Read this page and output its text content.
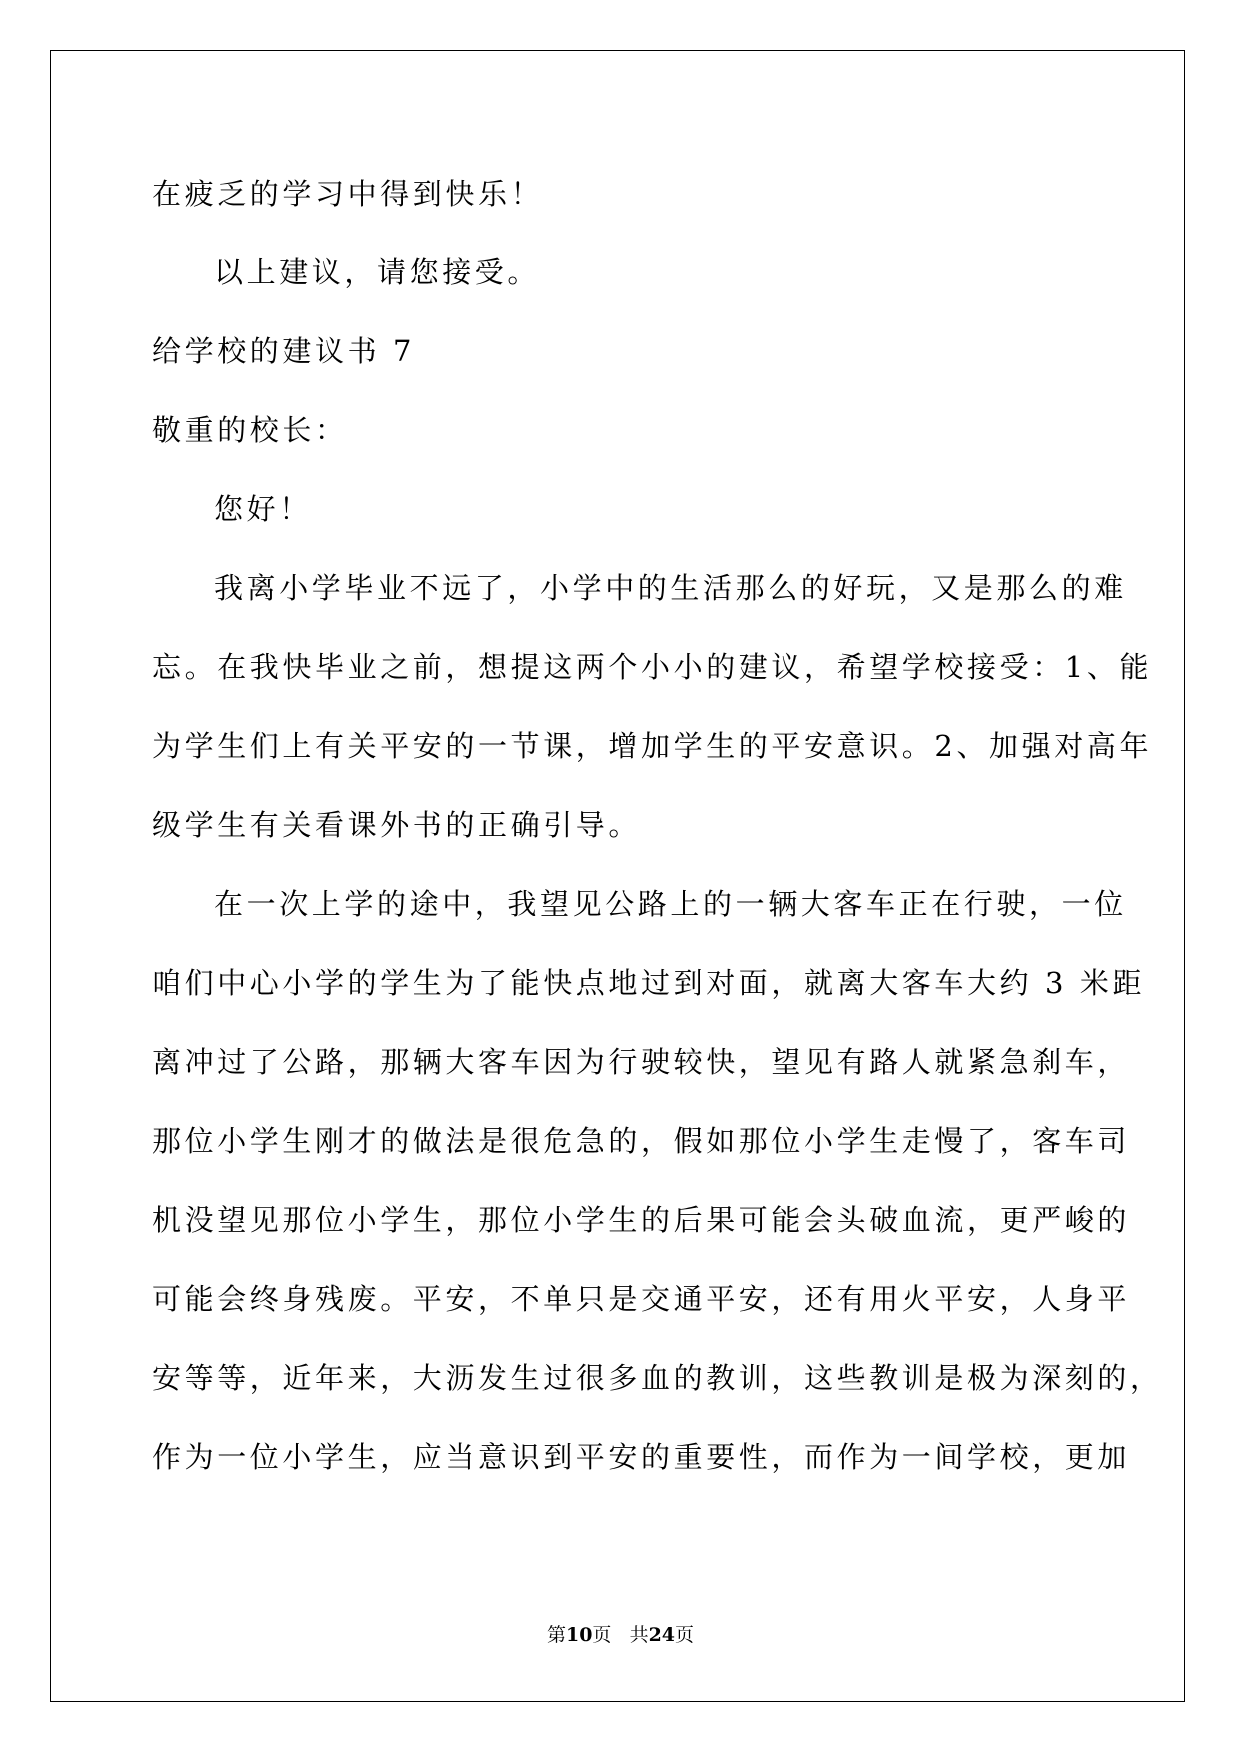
在疲乏的学习中得到快乐！
以上建议，请您接受。
给学校的建议书 7
敬重的校长：
您好！
我离小学毕业不远了，小学中的生活那么的好玩，又是那么的难
忘。在我快毕业之前，想提这两个小小的建议，希望学校接受：1、能
为学生们上有关平安的一节课，增加学生的平安意识。2、加强对高年
级学生有关看课外书的正确引导。
在一次上学的途中，我望见公路上的一辆大客车正在行驶，一位
咱们中心小学的学生为了能快点地过到对面，就离大客车大约 3 米距
离冲过了公路，那辆大客车因为行驶较快，望见有路人就紧急刹车，
那位小学生刚才的做法是很危急的，假如那位小学生走慢了，客车司
机没望见那位小学生，那位小学生的后果可能会头破血流，更严峻的
可能会终身残废。平安，不单只是交通平安，还有用火平安，人身平
安等等，近年来，大沥发生过很多血的教训，这些教训是极为深刻的，
作为一位小学生，应当意识到平安的重要性，而作为一间学校，更加
第10页 共24页
